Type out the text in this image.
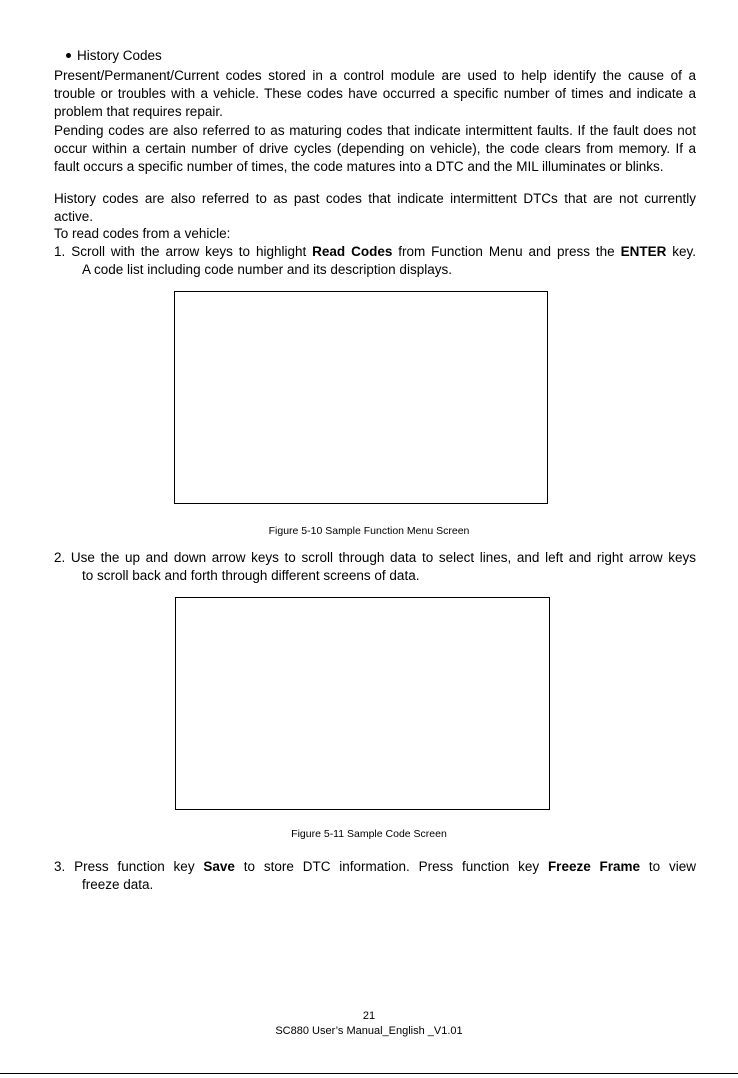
History Codes

Present/Permanent/Current codes stored in a control module are used to help identify the cause of a trouble or troubles with a vehicle. These codes have occurred a specific number of times and indicate a problem that requires repair.

Pending codes are also referred to as maturing codes that indicate intermittent faults. If the fault does not occur within a certain number of drive cycles (depending on vehicle), the code clears from memory. If a fault occurs a specific number of times, the code matures into a DTC and the MIL illuminates or blinks.

History codes are also referred to as past codes that indicate intermittent DTCs that are not currently active.

To read codes from a vehicle:

1. Scroll with the arrow keys to highlight Read Codes from Function Menu and press the ENTER key.
A code list including code number and its description displays.
Figure 5-10 Sample Function Menu Screen
2. Use the up and down arrow keys to scroll through data to select lines, and left and right arrow keys
to scroll back and forth through different screens of data.
Figure 5-11 Sample Code Screen
3. Press function key Save to store DTC information. Press function key Freeze Frame to view
freeze data.
21
SC880 User’s Manual_English _V1.01
